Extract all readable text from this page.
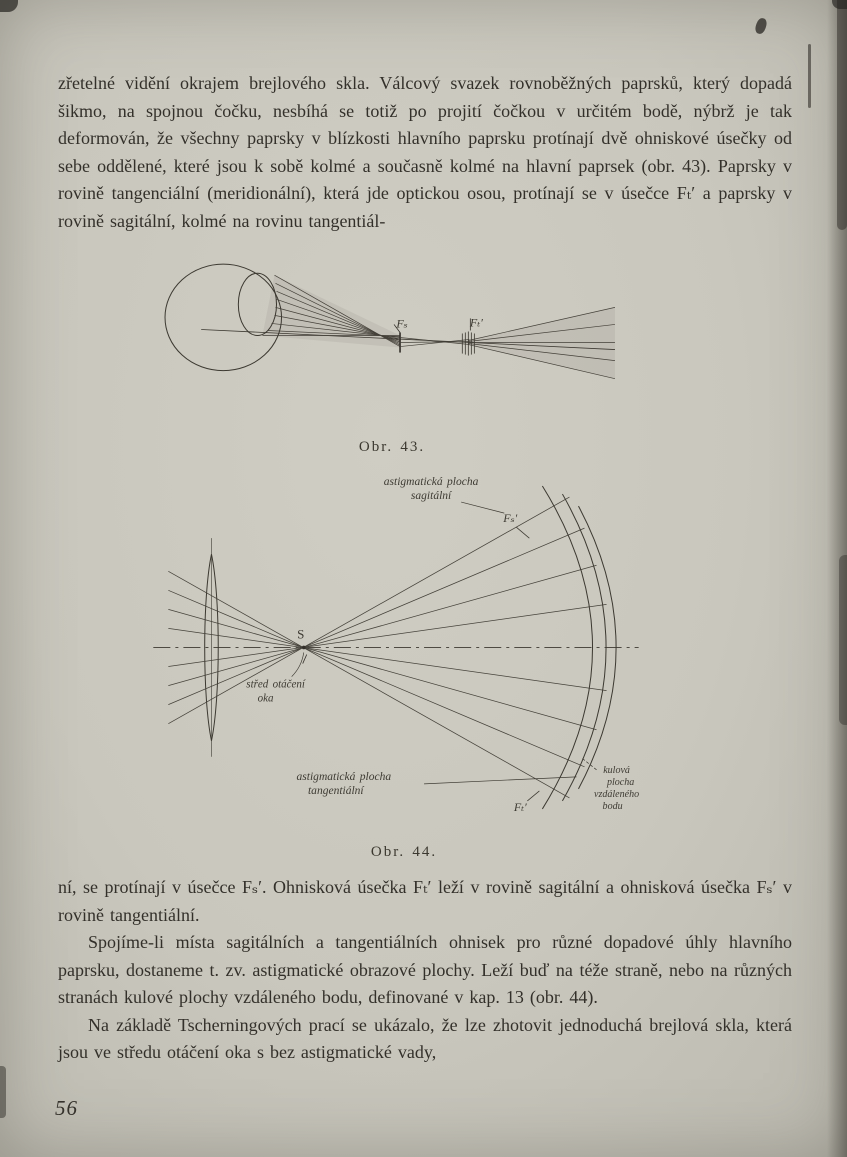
zřetelné vidění okrajem brejlového skla. Válcový svazek rovnoběžných paprsků, který dopadá šikmo, na spojnou čočku, nesbíhá se totiž po projití čočkou v určitém bodě, nýbrž je tak deformován, že všechny paprsky v blízkosti hlavního paprsku protínají dvě ohniskové úsečky od sebe oddělené, které jsou k sobě kolmé a současně kolmé na hlavní paprsek (obr. 43). Paprsky v rovině tangenciální (meridionální), která jde optickou osou, protínají se v úsečce Fₜ′ a paprsky v rovině sagitální, kolmé na rovinu tangentiál-

Fₛ	Fₜ′
Obr. 43.
S
střed otáčení
oka
astigmatická plocha
sagitální
Fₛ′
astigmatická plocha
tangentiální
kulová
plocha
vzdáleného
bodu
Fₜ′
Obr. 44.

ní, se protínají v úsečce Fₛ′. Ohnisková úsečka Fₜ′ leží v rovině sagitální a ohnisková úsečka Fₛ′ v rovině tangentiální.

Spojíme-li místa sagitálních a tangentiálních ohnisek pro různé dopadové úhly hlavního paprsku, dostaneme t. zv. astigmatické obrazové plochy. Leží buď na téže straně, nebo na různých stranách kulové plochy vzdáleného bodu, definované v kap. 13 (obr. 44).

Na základě Tscherningových prací se ukázalo, že lze zhotovit jednoduchá brejlová skla, která jsou ve středu otáčení oka s bez astigmatické vady,

56
